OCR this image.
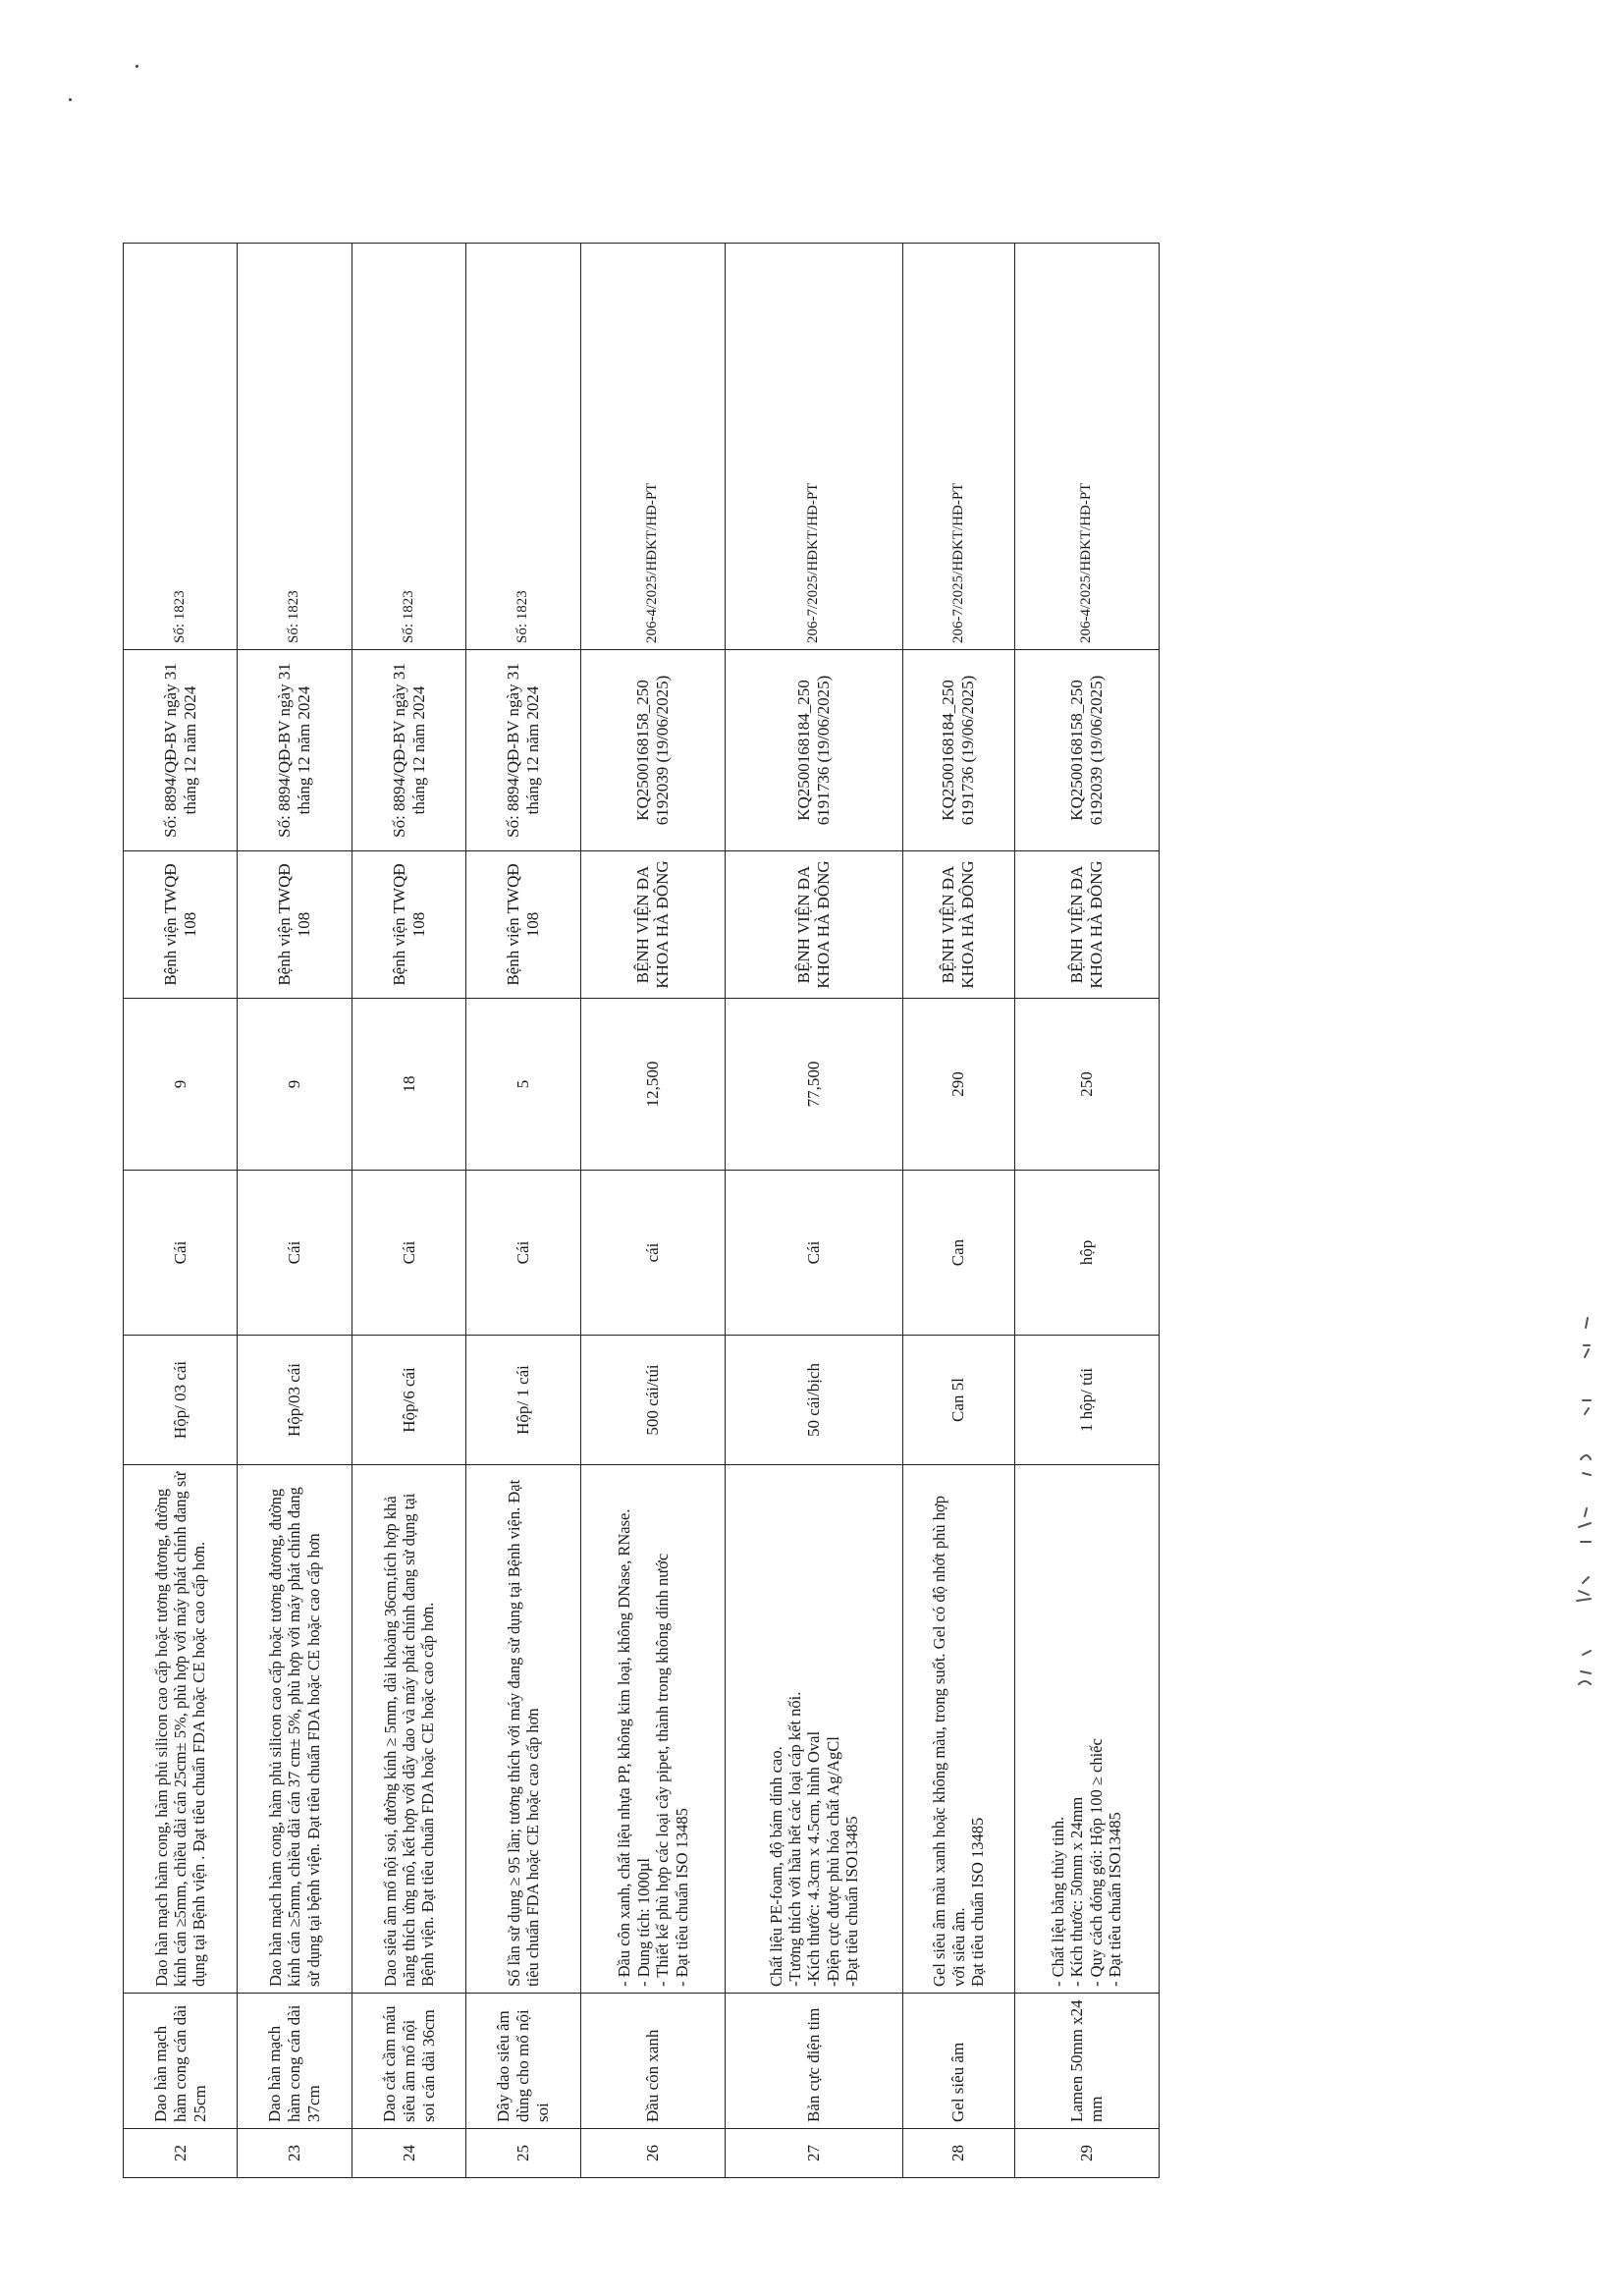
22	Dao hàn mạch hàm cong cán dài 25cm	Dao hàn mạch hàm cong, hàm phủ silicon cao cấp hoặc tương đương, đường kính cán ≥5mm, chiều dài cán 25cm± 5%, phù hợp với máy phát chính đang sử dụng tại Bệnh viện . Đạt tiêu chuẩn FDA hoặc CE hoặc cao cấp hơn.	Hộp/ 03 cái	Cái	9	Bệnh viện TWQĐ 108	Số: 8894/QĐ-BV ngày 31 tháng 12 năm 2024	Số: 1823
23	Dao hàn mạch hàm cong cán dài 37cm	Dao hàn mạch hàm cong, hàm phủ silicon cao cấp hoặc tương đương, đường kính cán ≥5mm, chiều dài cán 37 cm± 5%, phù hợp với máy phát chính đang sử dụng tại bệnh viện. Đạt tiêu chuẩn FDA hoặc CE hoặc cao cấp hơn	Hộp/03 cái	Cái	9	Bệnh viện TWQĐ 108	Số: 8894/QĐ-BV ngày 31 tháng 12 năm 2024	Số: 1823
24	Dao cắt cầm máu siêu âm mổ nội soi cán dài 36cm	Dao siêu âm mổ nội soi, đường kính ≥ 5mm, dài khoảng 36cm,tích hợp khả năng thích ứng mô, kết hợp với dây dao và máy phát chính đang sử dụng tại Bệnh viện. Đạt tiêu chuẩn FDA hoặc CE hoặc cao cấp hơn.	Hộp/6 cái	Cái	18	Bệnh viện TWQĐ 108	Số: 8894/QĐ-BV ngày 31 tháng 12 năm 2024	Số: 1823
25	Dây dao siêu âm dùng cho mổ nội soi	Số lần sử dụng ≥ 95 lần; tương thích với máy đang sử dụng tại Bệnh viện. Đạt tiêu chuẩn FDA hoặc CE hoặc cao cấp hơn	Hộp/ 1 cái	Cái	5	Bệnh viện TWQĐ 108	Số: 8894/QĐ-BV ngày 31 tháng 12 năm 2024	Số: 1823
26	Đầu côn xanh	- Đầu côn xanh, chất liệu nhựa PP, không kim loại, không DNase, RNase. - Dung tích: 1000µl - Thiết kế phù hợp các loại cây pipet, thành trong không dính nước - Đạt tiêu chuẩn ISO 13485	500 cái/túi	cái	12,500	BỆNH VIỆN ĐA KHOA HÀ ĐÔNG	KQ2500168158_250 6192039 (19/06/2025)	206-4/2025/HĐKT/HĐ-PT
27	Bản cực điện tim	Chất liệu PE-foam, độ bám dính cao. -Tương thích với hầu hết các loại cáp kết nối. -Kích thước: 4.3cm x 4.5cm, hình Oval -Điện cực được phủ hóa chất Ag/AgCl -Đạt tiêu chuẩn ISO13485	50 cái/bịch	Cái	77,500	BỆNH VIỆN ĐA KHOA HÀ ĐÔNG	KQ2500168184_250 6191736 (19/06/2025)	206-7/2025/HĐKT/HĐ-PT
28	Gel siêu âm	Gel siêu âm màu xanh hoặc không màu, trong suốt. Gel có độ nhớt phù hợp với siêu âm. Đạt tiêu chuẩn ISO 13485	Can 5l	Can	290	BỆNH VIỆN ĐA KHOA HÀ ĐÔNG	KQ2500168184_250 6191736 (19/06/2025)	206-7/2025/HĐKT/HĐ-PT
29	Lamen 50mm x24 mm	- Chất liệu bằng thủy tinh. - Kích thước: 50mm x 24mm - Quy cách đóng gói: Hộp 100 ≥ chiếc - Đạt tiêu chuẩn ISO13485	1 hộp/ túi	hộp	250	BỆNH VIỆN ĐA KHOA HÀ ĐÔNG	KQ2500168158_250 6192039 (19/06/2025)	206-4/2025/HĐKT/HĐ-PT
